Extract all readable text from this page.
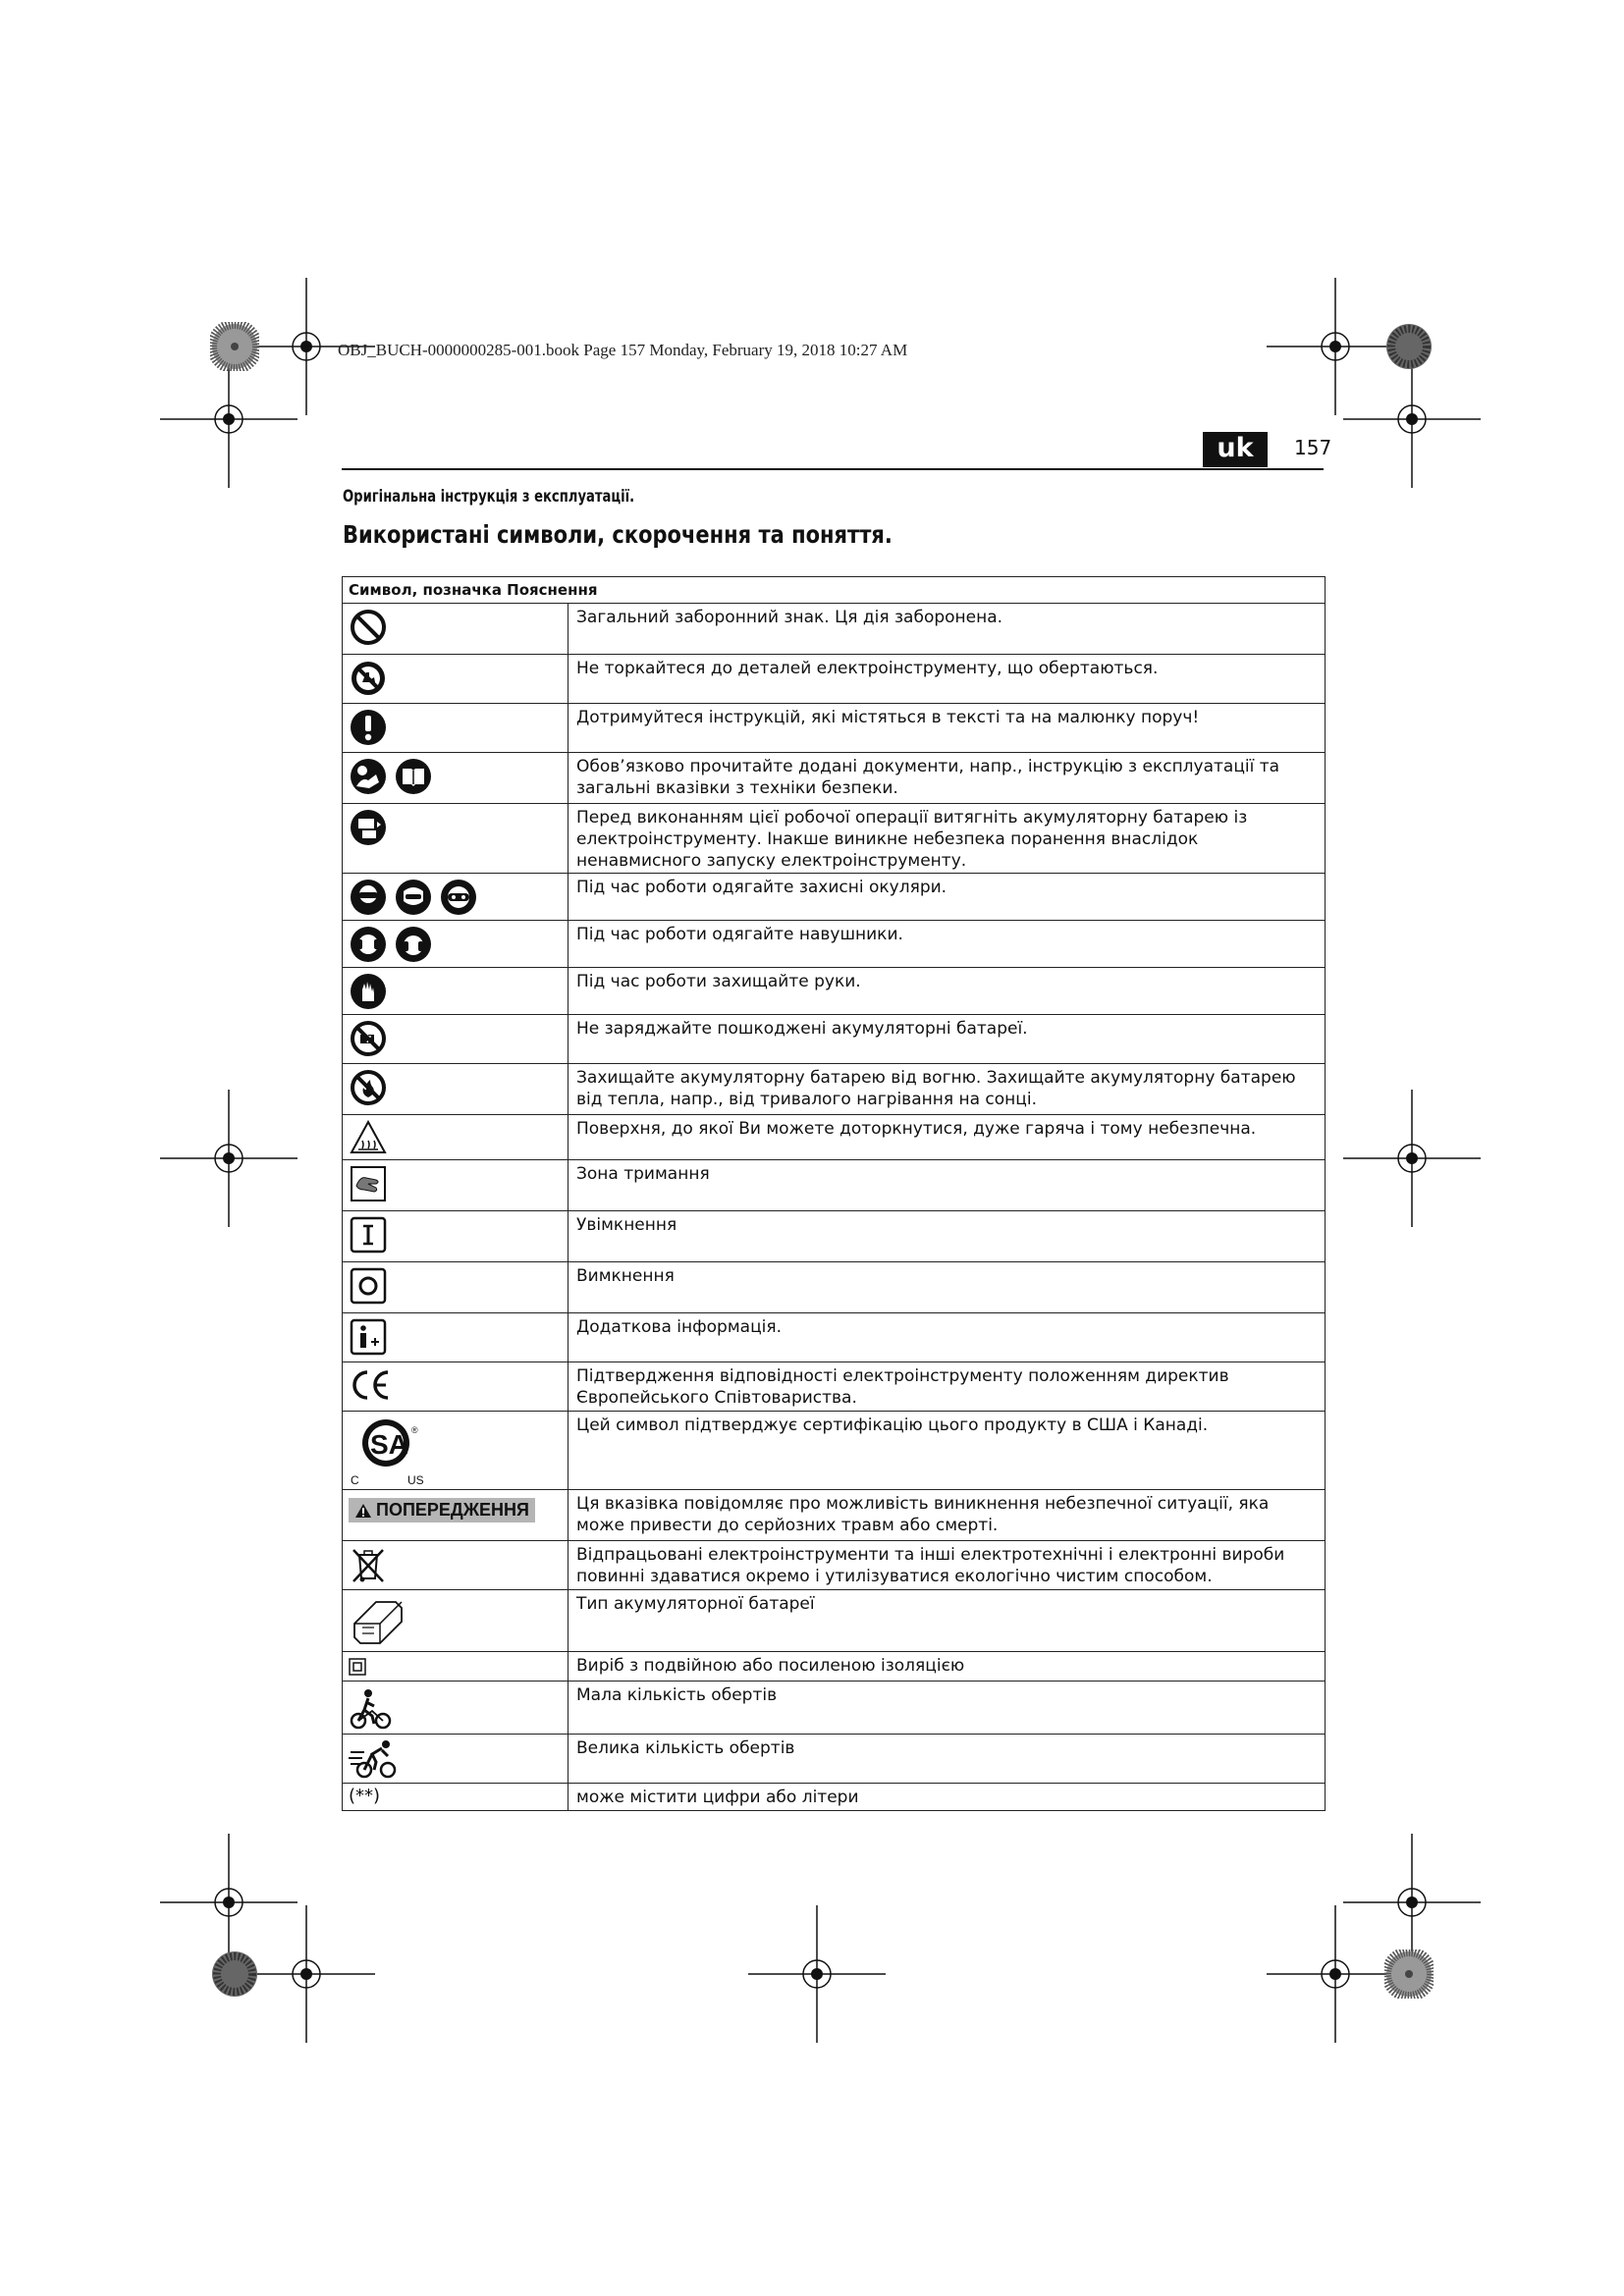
OBJ_BUCH-0000000285-001.book Page 157 Monday, February 19, 2018 10:27 AM
uk	157
Оригінальна інструкція з експлуатації.
Використані символи, скорочення та поняття.
Символ, позначка Пояснення	

	Загальний заборонний знак. Ця дія заборонена.

	Не торкайтеся до деталей електроінструменту, що обертаються.

	Дотримуйтеся інструкцій, які містяться в тексті та на малюнку поруч!

	Обов’язково прочитайте додані документи, напр., інструкцію з експлуатації та загальні вказівки з техніки безпеки.

	Перед виконанням цієї робочої операції витягніть акумуляторну батарею із електроінструменту. Інакше виникне небезпека поранення внаслідок ненавмисного запуску електроінструменту.

	Під час роботи одягайте захисні окуляри.

	Під час роботи одягайте навушники.

	Під час роботи захищайте руки.

	Не заряджайте пошкоджені акумуляторні батареї.

	Захищайте акумуляторну батарею від вогню. Захищайте акумуляторну батарею від тепла, напр., від тривалого нагрівання на сонці.

	Поверхня, до якої Ви можете доторкнутися, дуже гаряча і тому небезпечна.

	Зона тримання

	Увімкнення

	Вимкнення

	Додаткова інформація.

	Підтвердження відповідності електроінструменту положенням директив Європейського Співтовариства.

SA ®
C US	Цей символ підтверджує сертифікацію цього продукту в США і Канаді.

ПОПЕРЕДЖЕННЯ	Ця вказівка повідомляє про можливість виникнення небезпечної ситуації, яка може привести до серйозних травм або смерті.

	Відпрацьовані електроінструменти та інші електротехнічні і електронні вироби повинні здаватися окремо і утилізуватися екологічно чистим способом.

	Тип акумуляторної батареї

	Виріб з подвійною або посиленою ізоляцією

	Мала кількість обертів

	Велика кількість обертів
(**)	може містити цифри або літери
